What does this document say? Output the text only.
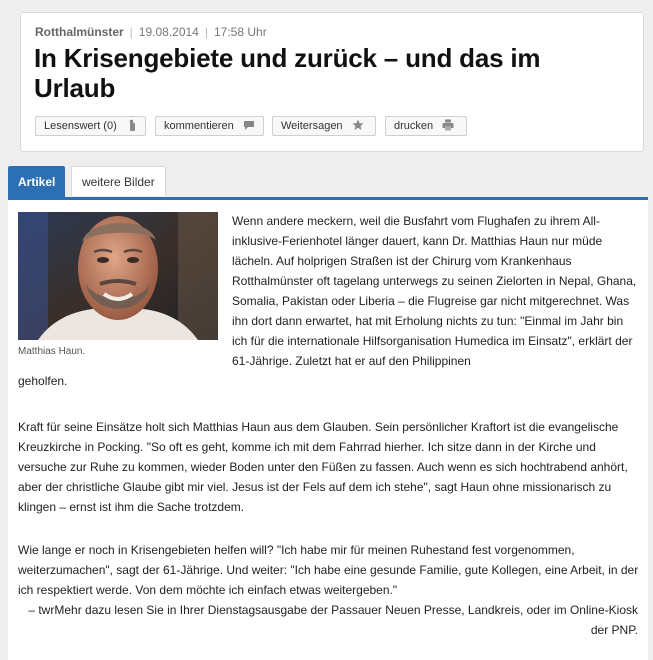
Rotthalmünster | 19.08.2014 | 17:58 Uhr
In Krisengebiete und zurück – und das im Urlaub
Lesenswert (0)	kommentieren	Weitersagen	drucken
Artikel	weitere Bilder
Matthias Haun.

Wenn andere meckern, weil die Busfahrt vom Flughafen zu ihrem All-inklusive-Ferienhotel länger dauert, kann Dr. Matthias Haun nur müde lächeln. Auf holprigen Straßen ist der Chirurg vom Krankenhaus Rotthalmünster oft tagelang unterwegs zu seinen Zielorten in Nepal, Ghana, Somalia, Pakistan oder Liberia – die Flugreise gar nicht mitgerechnet. Was ihn dort dann erwartet, hat mit Erholung nichts zu tun: "Einmal im Jahr bin ich für die internationale Hilfsorganisation Humedica im Einsatz", erklärt der 61-Jährige. Zuletzt hat er auf den Philippinen

geholfen.

Kraft für seine Einsätze holt sich Matthias Haun aus dem Glauben. Sein persönlicher Kraftort ist die evangelische Kreuzkirche in Pocking. "So oft es geht, komme ich mit dem Fahrrad hierher. Ich sitze dann in der Kirche und versuche zur Ruhe zu kommen, wieder Boden unter den Füßen zu fassen. Auch wenn es sich hochtrabend anhört, aber der christliche Glaube gibt mir viel. Jesus ist der Fels auf dem ich stehe", sagt Haun ohne missionarisch zu klingen – ernst ist ihm die Sache trotzdem.

Wie lange er noch in Krisengebieten helfen will? "Ich habe mir für meinen Ruhestand fest vorgenommen, weiterzumachen", sagt der 61-Jährige. Und weiter: "Ich habe eine gesunde Familie, gute Kollegen, eine Arbeit, in der ich respektiert werde. Von dem möchte ich einfach etwas weitergeben."

– twrMehr dazu lesen Sie in Ihrer Dienstagsausgabe der Passauer Neuen Presse, Landkreis, oder im Online-Kiosk der PNP.
